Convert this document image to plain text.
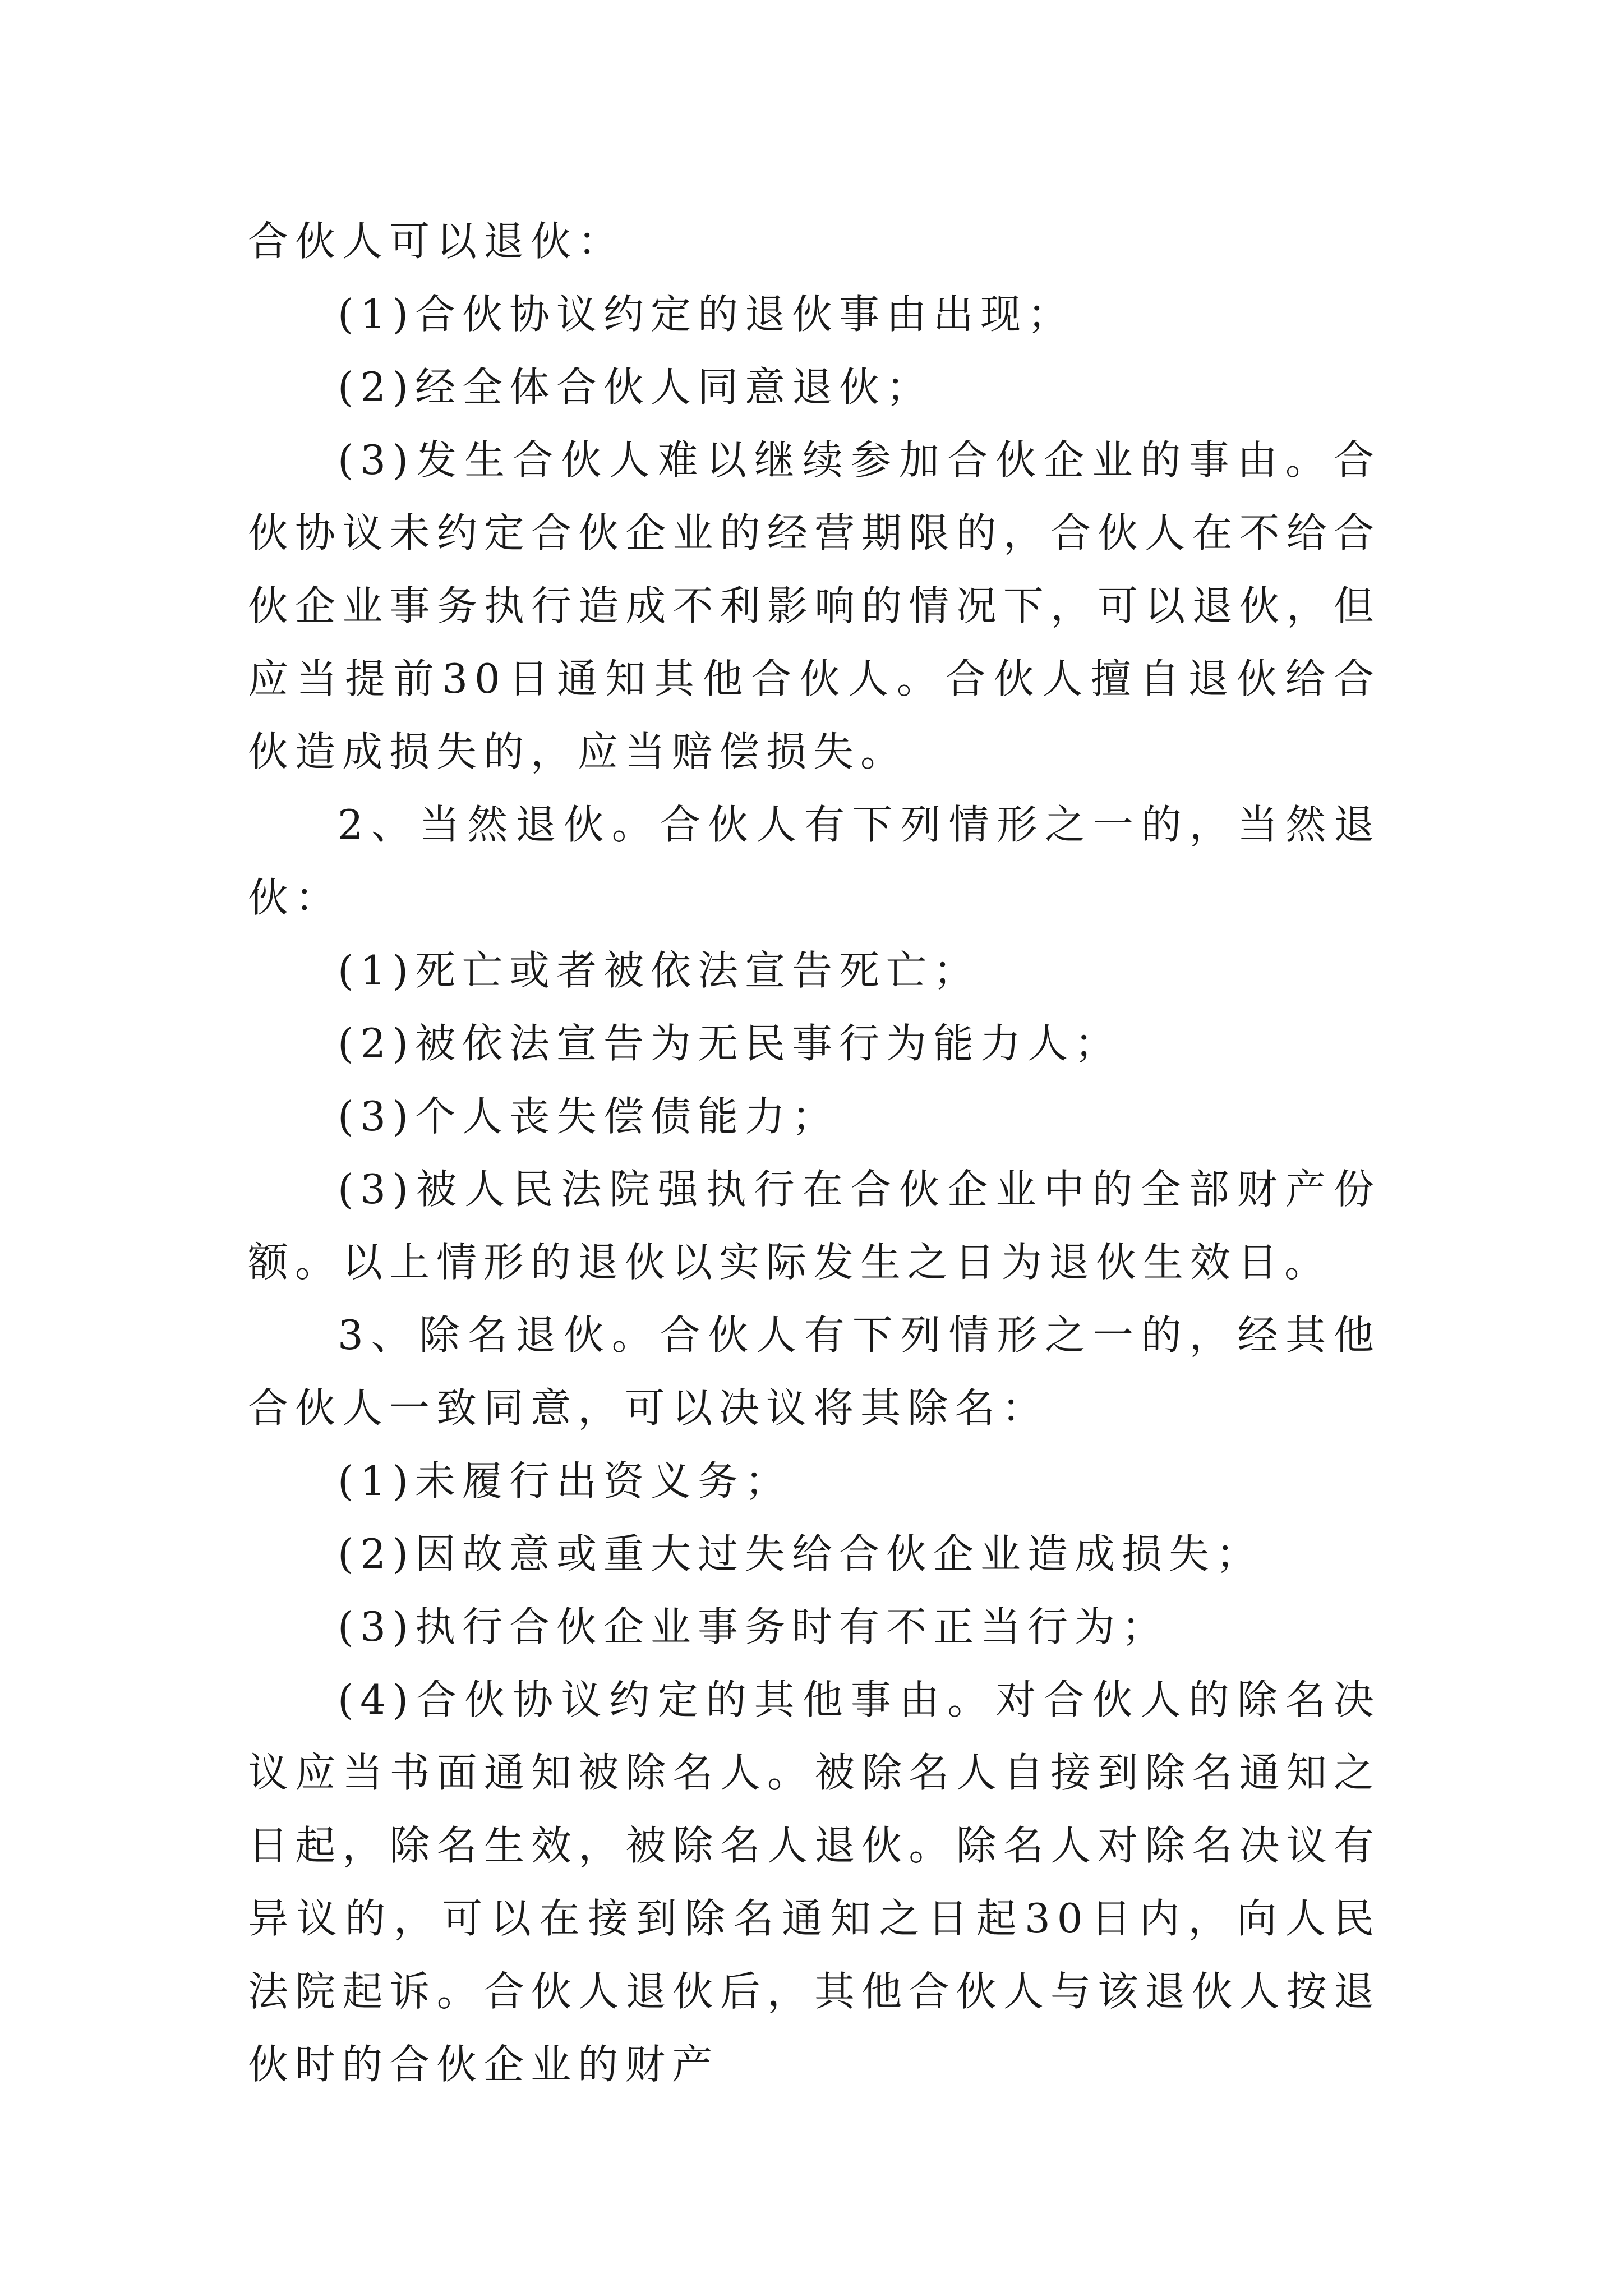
合伙人可以退伙：

(1)合伙协议约定的退伙事由出现；

(2)经全体合伙人同意退伙；

(3)发生合伙人难以继续参加合伙企业的事由。合伙协议未约定合伙企业的经营期限的，合伙人在不给合伙企业事务执行造成不利影响的情况下，可以退伙，但应当提前30日通知其他合伙人。合伙人擅自退伙给合伙造成损失的，应当赔偿损失。

2、当然退伙。合伙人有下列情形之一的，当然退伙：

(1)死亡或者被依法宣告死亡；

(2)被依法宣告为无民事行为能力人；

(3)个人丧失偿债能力；

(3)被人民法院强执行在合伙企业中的全部财产份额。以上情形的退伙以实际发生之日为退伙生效日。

3、除名退伙。合伙人有下列情形之一的，经其他合伙人一致同意，可以决议将其除名：

(1)未履行出资义务；

(2)因故意或重大过失给合伙企业造成损失；

(3)执行合伙企业事务时有不正当行为；

(4)合伙协议约定的其他事由。对合伙人的除名决议应当书面通知被除名人。被除名人自接到除名通知之日起，除名生效，被除名人退伙。除名人对除名决议有异议的，可以在接到除名通知之日起30日内，向人民法院起诉。合伙人退伙后，其他合伙人与该退伙人按退伙时的合伙企业的财产
